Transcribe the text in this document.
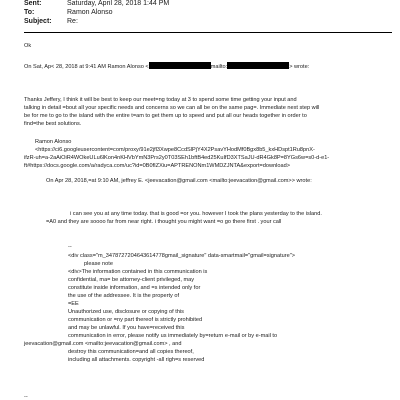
Sent:	Saturday, April 28, 2018 1:44 PM
To:	Ramon Alonso
Subject: Re:
Ok
On Sat, Ap< 28, 2018 at 9:41 AM Ramon Alonso <	mailto:	> wrote:
Thanks Jeffery, I think it will be best to keep our meet=ng today at 3 to spend some time getting your input and
talking in detail =bout all your specific needs and concerns so we can all be on the same pag=. Immediate next step will
be for me to go to the island with the entire t=am to get them up to speed and put all our heads together in order to
find=the best solutions.
Ramon Alonso
<https://ci6.googleusercontent=com/proxy/91e2jfl3Xwpe8CcdSlPjY4X2PsavYHodMf0Bgx8b5_kxHDspt1Ru8pnX-
ifzR-uh=a-2aAiOiR4WOkeULu6lKon4nKHVbYmN3Prs2y0T03SEh1bftB4ed25KuIfD3XTSaJU-dR4Gk8P=8YGs6w=s0-d-e1-
ft#https://docs.google.com/a/radyca.com/uc?id=0B0fIZXiu=APTRENONm1WMDZJNTA&export=download>
On Apr 28, 2018,=at 9:10 AM, jeffrey E. <jeevacation@gmail.com <mailto:jeevacation@gmail.com>> wrote:
i can see you at any time today. that is good =or you. however I took the plans yesterday to the island.
=A0 and they are soooo far from near right. i thought you might want =o go there first . your call
--
<div class="m_3478727204643614778gmail_signature" data-smartmail="gmail=signature">
please note
<div>The information contained in this communication is
confidential, ma= be attorney-client privileged, may
constitute inside information, and =s intended only for
the use of the addressee. It is the property of
=EE
Unauthorized use, disclosure or copying of this
communication or =ny part thereof is strictly prohibited
and may be unlawful. If you have=received this
communication in error, please notify us immediately by=return e-mail or by e-mail to
jeevacation@gmail.com <mailto:jeevacation@gmail.com> , and
destroy this communication=and all copies thereof,
including all attachments. copyright -all righ=s reserved
--
